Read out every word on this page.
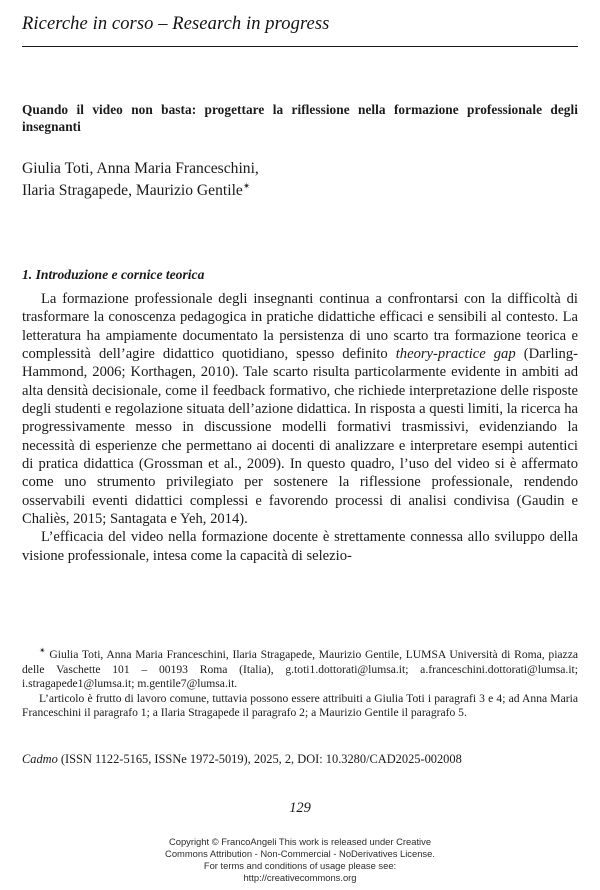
Ricerche in corso – Research in progress
Quando il video non basta: progettare la riflessione nella formazione professionale degli insegnanti
Giulia Toti, Anna Maria Franceschini,
Ilaria Stragapede, Maurizio Gentile✴
1. Introduzione e cornice teorica

La formazione professionale degli insegnanti continua a confrontarsi con la difficoltà di trasformare la conoscenza pedagogica in pratiche didattiche efficaci e sensibili al contesto. La letteratura ha ampiamente documentato la persistenza di uno scarto tra formazione teorica e complessità dell’agire didattico quotidiano, spesso definito theory-practice gap (Darling-Hammond, 2006; Korthagen, 2010). Tale scarto risulta particolarmente evidente in ambiti ad alta densità decisionale, come il feedback formativo, che richiede interpretazione delle risposte degli studenti e regolazione situata dell’azione didattica. In risposta a questi limiti, la ricerca ha progressivamente messo in discussione modelli formativi trasmissivi, evidenziando la necessità di esperienze che permettano ai docenti di analizzare e interpretare esempi autentici di pratica didattica (Grossman et al., 2009). In questo quadro, l’uso del video si è affermato come uno strumento privilegiato per sostenere la riflessione professionale, rendendo osservabili eventi didattici complessi e favorendo processi di analisi condivisa (Gaudin e Chaliès, 2015; Santagata e Yeh, 2014).

L’efficacia del video nella formazione docente è strettamente connessa allo sviluppo della visione professionale, intesa come la capacità di selezio-

✴ Giulia Toti, Anna Maria Franceschini, Ilaria Stragapede, Maurizio Gentile, LUMSA Università di Roma, piazza delle Vaschette 101 – 00193 Roma (Italia), g.toti1.dottorati@lumsa.it; a.franceschini.dottorati@lumsa.it; i.stragapede1@lumsa.it; m.gentile7@lumsa.it.

L’articolo è frutto di lavoro comune, tuttavia possono essere attribuiti a Giulia Toti i paragrafi 3 e 4; ad Anna Maria Franceschini il paragrafo 1; a Ilaria Stragapede il paragrafo 2; a Maurizio Gentile il paragrafo 5.

Cadmo (ISSN 1122-5165, ISSNe 1972-5019), 2025, 2, DOI: 10.3280/CAD2025-002008
129
Copyright © FrancoAngeli This work is released under Creative
Commons Attribution - Non-Commercial - NoDerivatives License.
For terms and conditions of usage please see:
http://creativecommons.org
